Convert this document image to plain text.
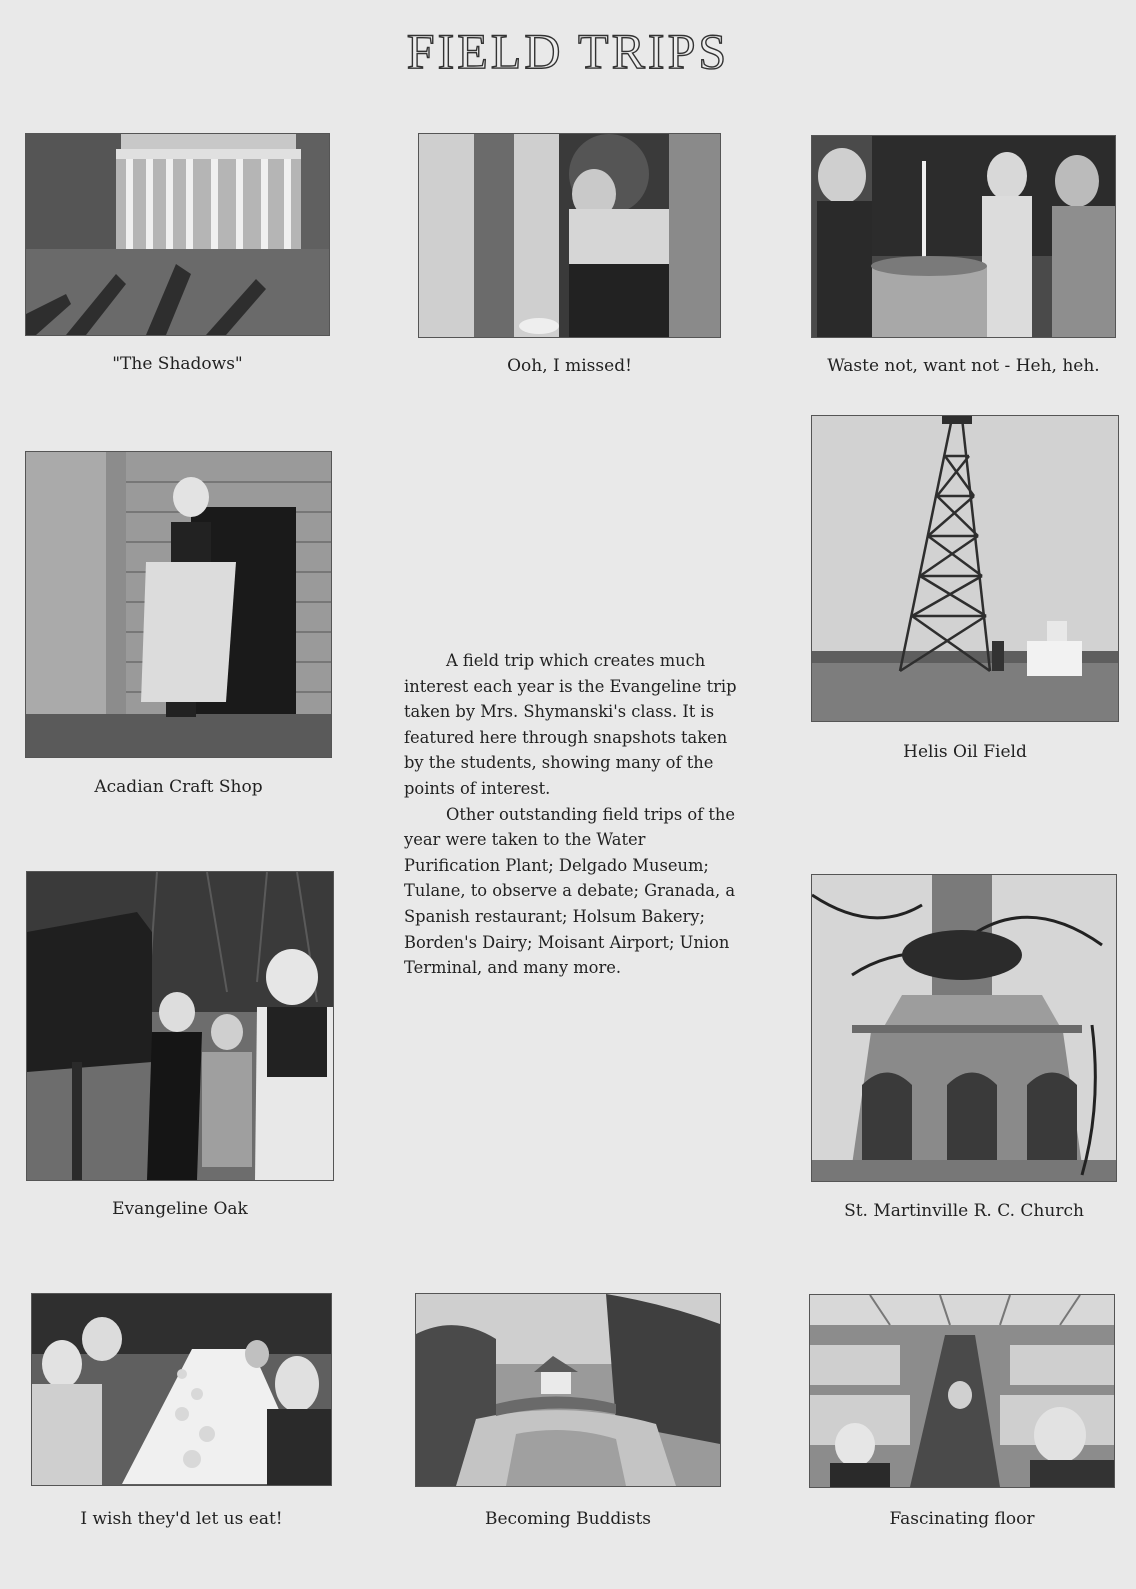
FIELD TRIPS
"The Shadows"	Ooh, I missed!	Waste not, want not - Heh, heh.
Acadian Craft Shop

A field trip which creates much interest each year is the Evangeline trip taken by Mrs. Shymanski's class. It is featured here through snapshots taken by the students, showing many of the points of interest.

Other outstanding field trips of the year were taken to the Water Purification Plant; Delgado Museum; Tulane, to observe a debate; Granada, a Spanish restaurant; Holsum Bakery; Borden's Dairy; Moisant Airport; Union Terminal, and many more.

Helis Oil Field
Evangeline Oak	St. Martinville R. C. Church
I wish they'd let us eat!	Becoming Buddists	Fascinating floor
